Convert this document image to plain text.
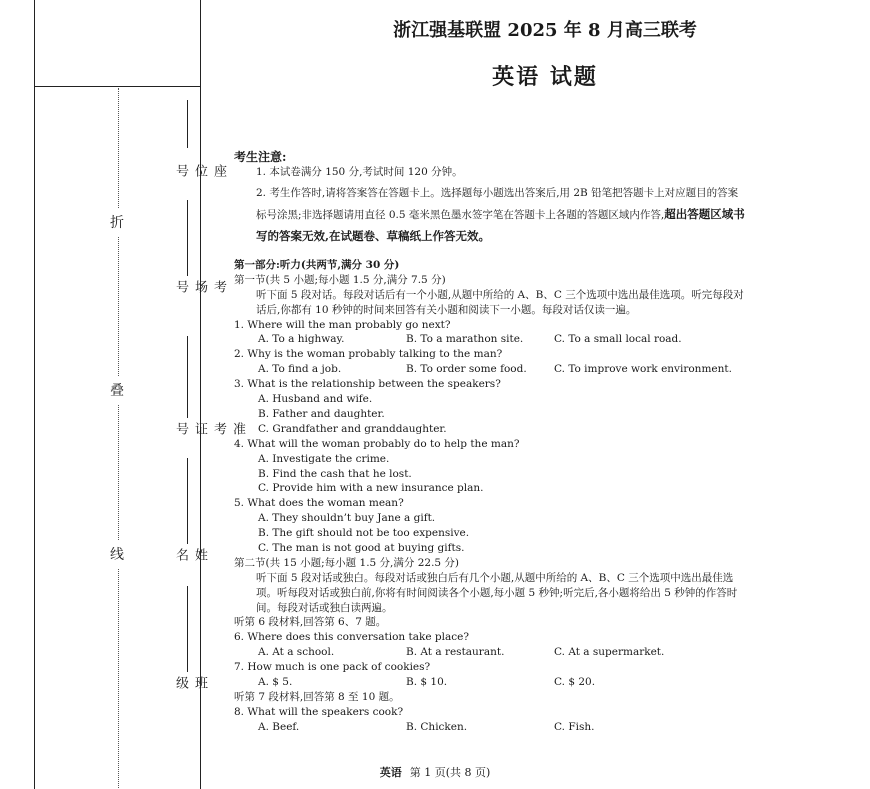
折
叠
线
座位号
考场号
准考证号
姓名
班级
浙江强基联盟 2025 年 8 月高三联考
英语 试题
考生注意:
1. 本试卷满分 150 分,考试时间 120 分钟。
2. 考生作答时,请将答案答在答题卡上。选择题每小题选出答案后,用 2B 铅笔把答题卡上对应题目的答案标号涂黑;非选择题请用直径 0.5 毫米黑色墨水签字笔在答题卡上各题的答题区域内作答,超出答题区域书写的答案无效,在试题卷、草稿纸上作答无效。
第一部分:听力(共两节,满分 30 分)
第一节(共 5 小题;每小题 1.5 分,满分 7.5 分)
听下面 5 段对话。每段对话后有一个小题,从题中所给的 A、B、C 三个选项中选出最佳选项。听完每段对话后,你都有 10 秒钟的时间来回答有关小题和阅读下一小题。每段对话仅读一遍。
1. Where will the man probably go next?
A. To a highway.	B. To a marathon site.	C. To a small local road.
2. Why is the woman probably talking to the man?
A. To find a job.	B. To order some food.	C. To improve work environment.
3. What is the relationship between the speakers?
A. Husband and wife.
B. Father and daughter.
C. Grandfather and granddaughter.
4. What will the woman probably do to help the man?
A. Investigate the crime.
B. Find the cash that he lost.
C. Provide him with a new insurance plan.
5. What does the woman mean?
A. They shouldn’t buy Jane a gift.
B. The gift should not be too expensive.
C. The man is not good at buying gifts.
第二节(共 15 小题;每小题 1.5 分,满分 22.5 分)
听下面 5 段对话或独白。每段对话或独白后有几个小题,从题中所给的 A、B、C 三个选项中选出最佳选项。听每段对话或独白前,你将有时间阅读各个小题,每小题 5 秒钟;听完后,各小题将给出 5 秒钟的作答时间。每段对话或独白读两遍。
听第 6 段材料,回答第 6、7 题。
6. Where does this conversation take place?
A. At a school.	B. At a restaurant.	C. At a supermarket.
7. How much is one pack of cookies?
A. $ 5.	B. $ 10.	C. $ 20.
听第 7 段材料,回答第 8 至 10 题。
8. What will the speakers cook?
A. Beef.	B. Chicken.	C. Fish.
英语 第 1 页(共 8 页)
